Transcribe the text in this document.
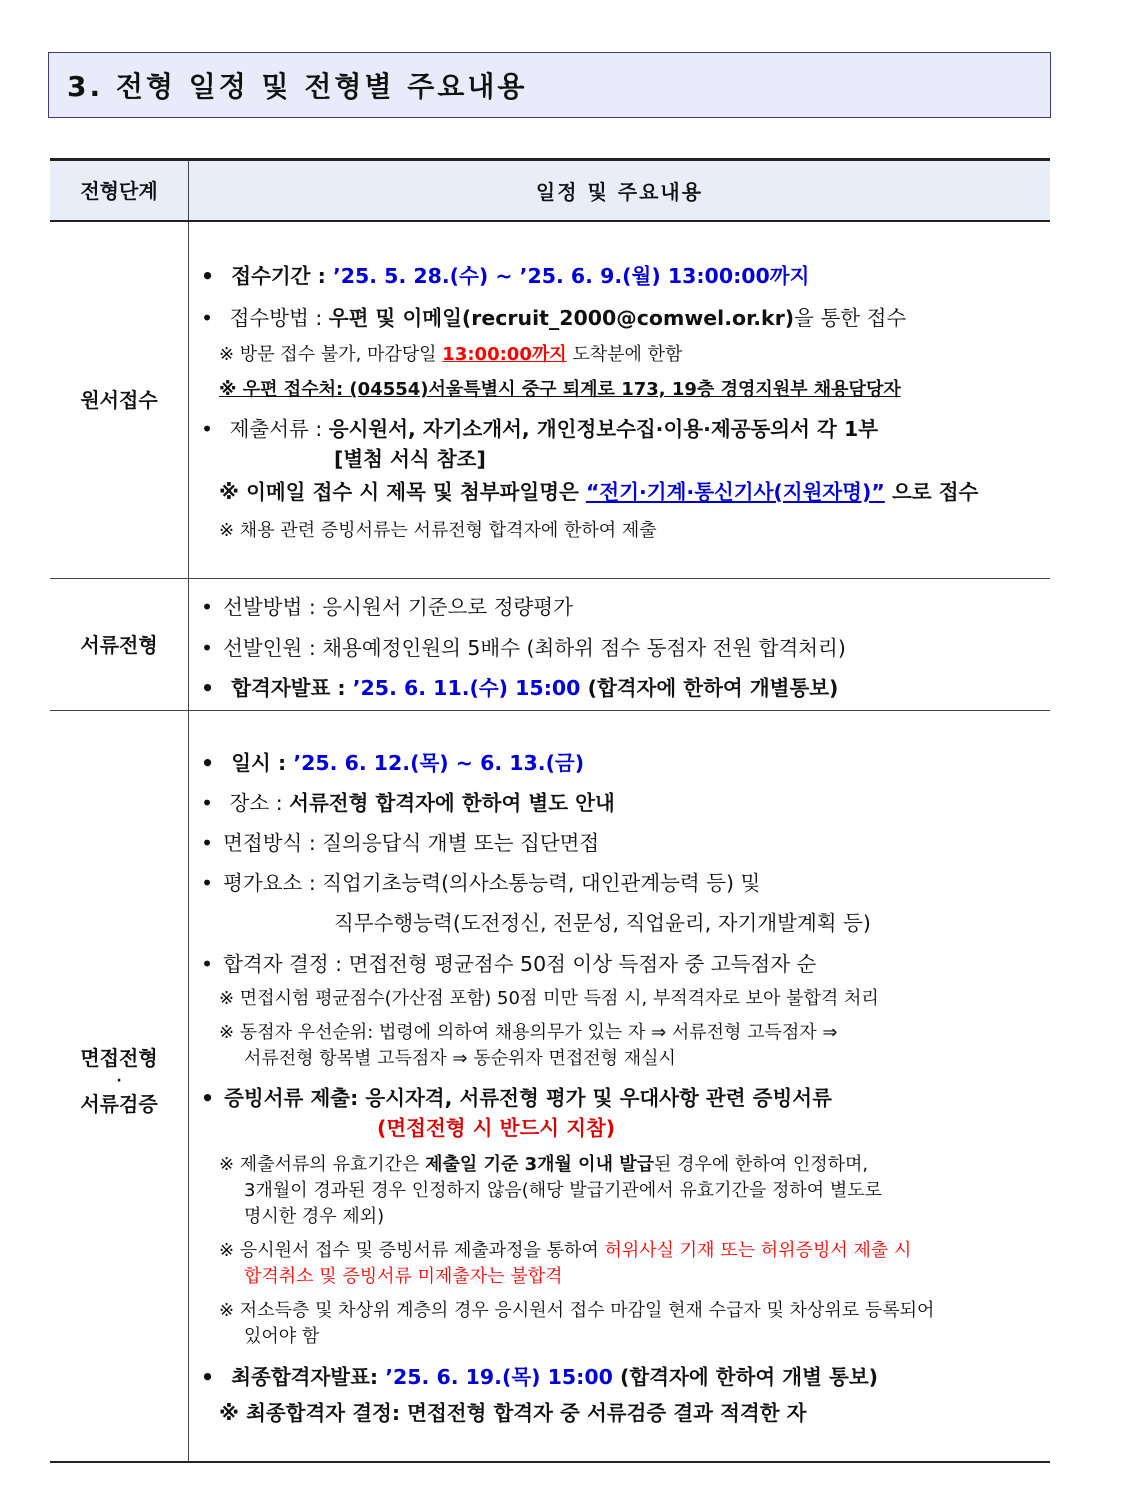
3. 전형 일정 및 전형별 주요내용
전형단계	일정 및 주요내용
원서접수
• 접수기간 : ’25. 5. 28.(수) ~ ’25. 6. 9.(월) 13:00:00까지
• 접수방법 : 우편 및 이메일(recruit_2000@comwel.or.kr)을 통한 접수
※ 방문 접수 불가, 마감당일 13:00:00까지 도착분에 한함
※ 우편 접수처: (04554)서울특별시 중구 퇴계로 173, 19층 경영지원부 채용담당자
• 제출서류 : 응시원서, 자기소개서, 개인정보수집·이용·제공동의서 각 1부
[별첨 서식 참조]
※ 이메일 접수 시 제목 및 첨부파일명은 “전기·기계·통신기사(지원자명)” 으로 접수
※ 채용 관련 증빙서류는 서류전형 합격자에 한하여 제출
서류전형
• 선발방법 : 응시원서 기준으로 정량평가
• 선발인원 : 채용예정인원의 5배수 (최하위 점수 동점자 전원 합격처리)
• 합격자발표 : ’25. 6. 11.(수) 15:00 (합격자에 한하여 개별통보)
면접전형
·
서류검증
• 일시 : ’25. 6. 12.(목) ~ 6. 13.(금)
• 장소 : 서류전형 합격자에 한하여 별도 안내
• 면접방식 : 질의응답식 개별 또는 집단면접
• 평가요소 : 직업기초능력(의사소통능력, 대인관계능력 등) 및
직무수행능력(도전정신, 전문성, 직업윤리, 자기개발계획 등)
• 합격자 결정 : 면접전형 평균점수 50점 이상 득점자 중 고득점자 순
※ 면접시험 평균점수(가산점 포함) 50점 미만 득점 시, 부적격자로 보아 불합격 처리
※ 동점자 우선순위: 법령에 의하여 채용의무가 있는 자 ⇒ 서류전형 고득점자 ⇒
서류전형 항목별 고득점자 ⇒ 동순위자 면접전형 재실시
• 증빙서류 제출: 응시자격, 서류전형 평가 및 우대사항 관련 증빙서류
(면접전형 시 반드시 지참)
※ 제출서류의 유효기간은 제출일 기준 3개월 이내 발급된 경우에 한하여 인정하며,
3개월이 경과된 경우 인정하지 않음(해당 발급기관에서 유효기간을 정하여 별도로
명시한 경우 제외)
※ 응시원서 접수 및 증빙서류 제출과정을 통하여 허위사실 기재 또는 허위증빙서 제출 시
합격취소 및 증빙서류 미제출자는 불합격
※ 저소득층 및 차상위 계층의 경우 응시원서 접수 마감일 현재 수급자 및 차상위로 등록되어
있어야 함
• 최종합격자발표: ’25. 6. 19.(목) 15:00 (합격자에 한하여 개별 통보)
※ 최종합격자 결정: 면접전형 합격자 중 서류검증 결과 적격한 자
